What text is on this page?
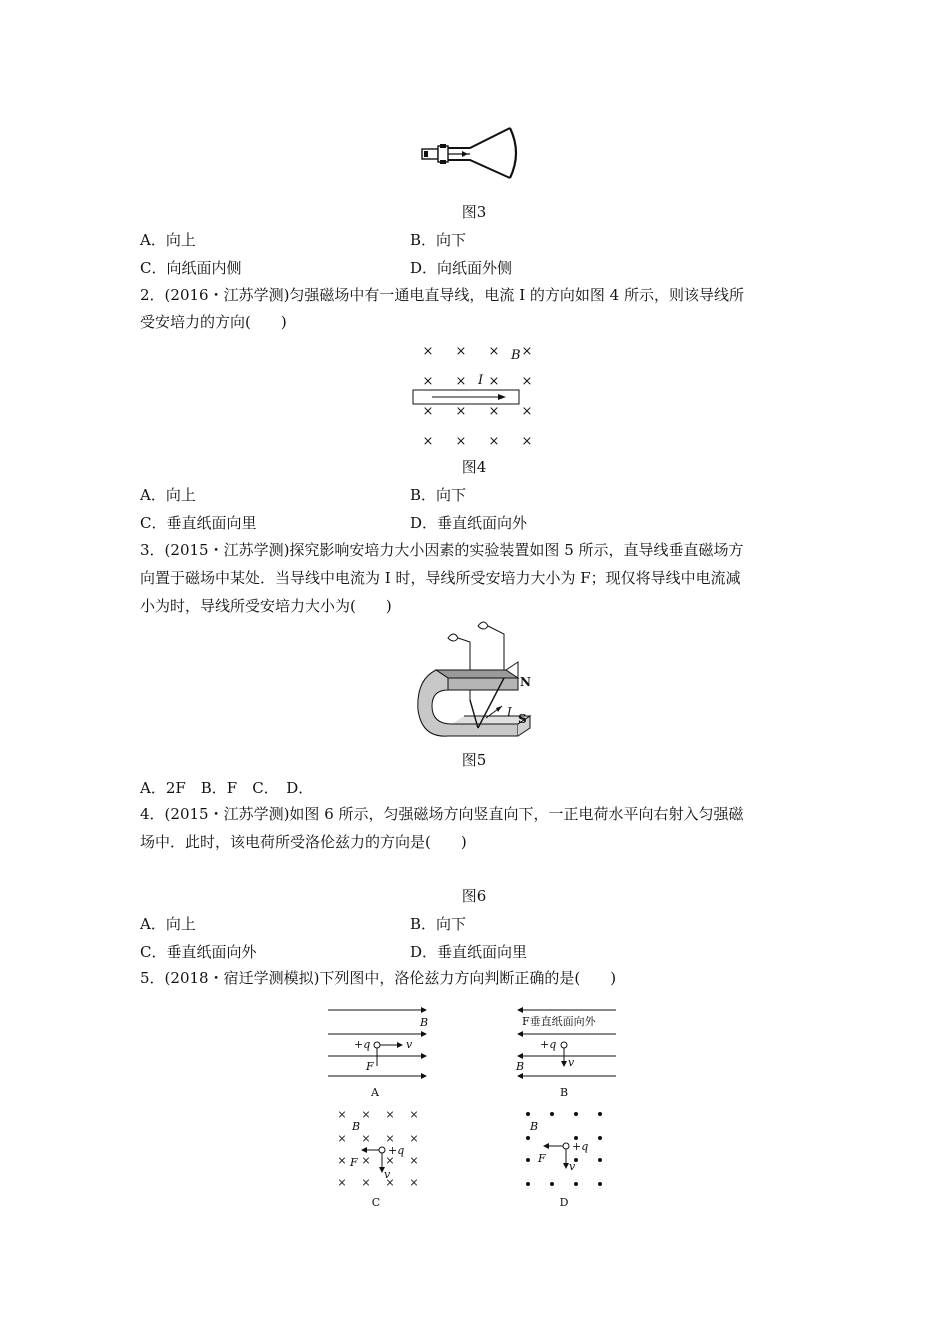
图3
A．向上	B．向下
C．向纸面内侧	D．向纸面外侧
2．(2016・江苏学测)匀强磁场中有一通电直导线，电流 I 的方向如图 4 所示，则该导线所
受安培力的方向(　　)
× × × ×
× × × ×
× × × ×
× × × ×
B
I
图4
A．向上	B．向下
C．垂直纸面向里	D．垂直纸面向外
3．(2015・江苏学测)探究影响安培力大小因素的实验装置如图 5 所示，直导线垂直磁场方
向置于磁场中某处．当导线中电流为 I 时，导线所受安培力大小为 F；现仅将导线中电流减
小为时，导线所受安培力大小为(　　)
N
S
I
图5
A．2F　B．F　C．　D．
4．(2015・江苏学测)如图 6 所示，匀强磁场方向竖直向下，一正电荷水平向右射入匀强磁
场中．此时，该电荷所受洛伦兹力的方向是(　　)
图6
A．向上	B．向下
C．垂直纸面向外	D．垂直纸面向里
5．(2018・宿迁学测模拟)下列图中，洛伦兹力方向判断正确的是(　　)
B
+q	v
F
A
F垂直纸面向外
+q
v
B
B
× × × ×
× × × ×
× × × ×
× × × ×
B
+q
F
v
C
B
+q
F
v
D
